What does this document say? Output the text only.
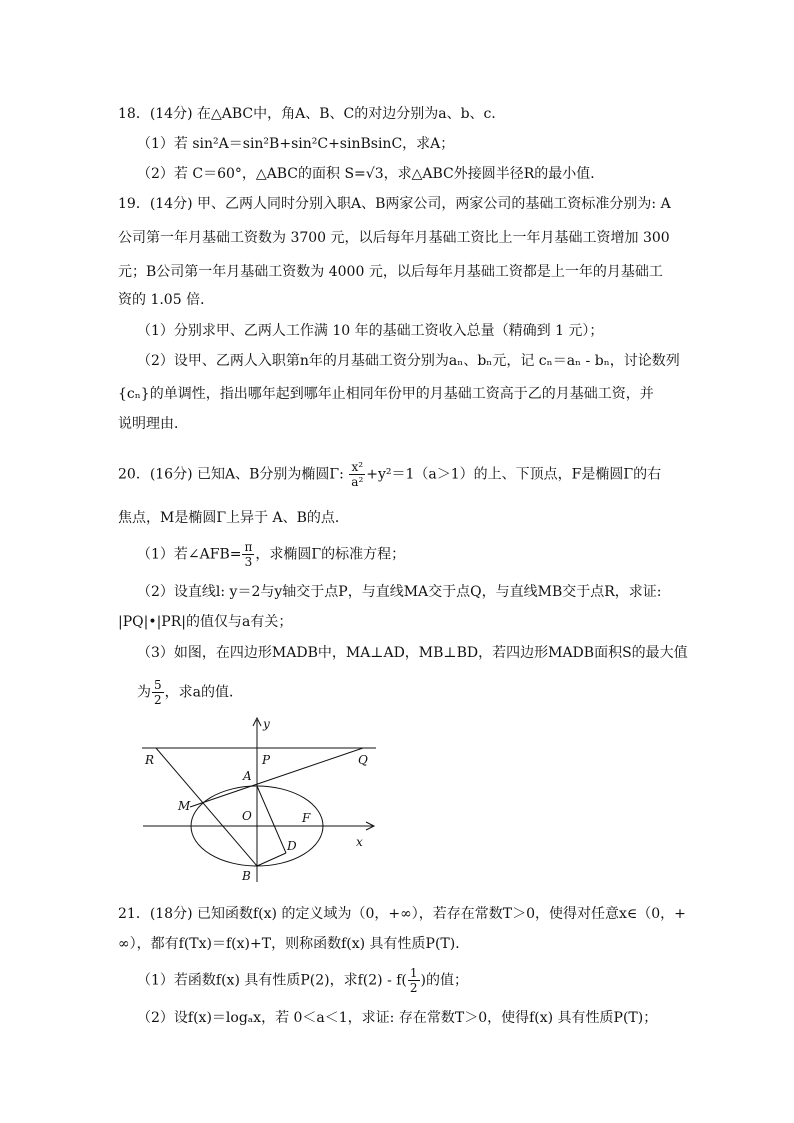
18．(14分) 在△ABC中，角A、B、C的对边分别为a、b、c．
（1）若 sin²A＝sin²B+sin²C+sinBsinC，求A；
（2）若 C＝60°，△ABC的面积 S=√3，求△ABC外接圆半径R的最小值．
19．(14分) 甲、乙两人同时分别入职A、B两家公司，两家公司的基础工资标准分别为: A
公司第一年月基础工资数为 3700 元，以后每年月基础工资比上一年月基础工资增加 300
元；B公司第一年月基础工资数为 4000 元，以后每年月基础工资都是上一年的月基础工
资的 1.05 倍．
（1）分别求甲、乙两人工作满 10 年的基础工资收入总量（精确到 1 元）；
（2）设甲、乙两人入职第n年的月基础工资分别为aₙ、bₙ元，记 cₙ＝aₙ - bₙ，讨论数列
{cₙ}的单调性，指出哪年起到哪年止相同年份甲的月基础工资高于乙的月基础工资，并
说明理由．
20．(16分) 已知A、B分别为椭圆Γ: $\frac{\text{x²}}{\text{a²}} +y^2=1(a>1)$的上、下顶点，F是椭圆Γ的右
焦点，M是椭圆Γ上异于 A、B的点．
（1）若∠AFB= $\frac{\pi}{3}$ ，求椭圆Γ的标准方程；
（2）设直线l: y＝2与y轴交于点P，与直线MA交于点Q，与直线MB交于点R，求证:
|PQ|•|PR|的值仅与a有关；
（3）如图，在四边形MADB中，MA⊥AD，MB⊥BD，若四边形MADB面积S的最大值
为 $\frac{5}{2}$ ，求a的值．
y
x
R	P	Q
A
M
O	F
D
B
21．(18分) 已知函数f(x) 的定义域为（0，+∞），若存在常数T＞0，使得对任意x∈（0，+
∞），都有f(Tx)＝f(x)+T，则称函数f(x) 具有性质P(T)．
（1）若函数f(x) 具有性质P(2)，求$f(2) - f( \frac{1}{2}$ )的值；
（2）设f(x)＝logₐx，若 0＜a＜1，求证: 存在常数T＞0，使得f(x) 具有性质P(T)；
